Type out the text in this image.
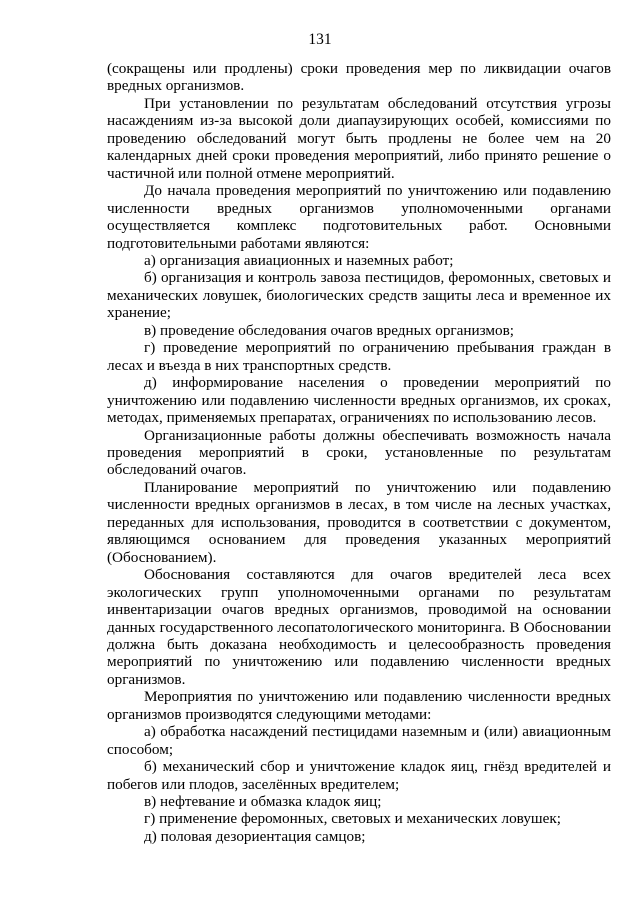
131

(сокращены или продлены) сроки проведения мер по ликвидации очагов вредных организмов.

При установлении по результатам обследований отсутствия угрозы насаждениям из-за высокой доли диапаузирующих особей, комиссиями по проведению обследований могут быть продлены не более чем на 20 календарных дней сроки проведения мероприятий, либо принято решение о частичной или полной отмене мероприятий.

До начала проведения мероприятий по уничтожению или подавлению численности вредных организмов уполномоченными органами осуществляется комплекс подготовительных работ. Основными подготовительными работами являются:

а) организация авиационных и наземных работ;

б) организация и контроль завоза пестицидов, феромонных, световых и механических ловушек, биологических средств защиты леса и временное их хранение;

в) проведение обследования очагов вредных организмов;

г) проведение мероприятий по ограничению пребывания граждан в лесах и въезда в них транспортных средств.

д) информирование населения о проведении мероприятий по уничтожению или подавлению численности вредных организмов, их сроках, методах, применяемых препаратах, ограничениях по использованию лесов.

Организационные работы должны обеспечивать возможность начала проведения мероприятий в сроки, установленные по результатам обследований очагов.

Планирование мероприятий по уничтожению или подавлению численности вредных организмов в лесах, в том числе на лесных участках, переданных для использования, проводится в соответствии с документом, являющимся основанием для проведения указанных мероприятий (Обоснованием).

Обоснования составляются для очагов вредителей леса всех экологических групп уполномоченными органами по результатам инвентаризации очагов вредных организмов, проводимой на основании данных государственного лесопатологического мониторинга. В Обосновании должна быть доказана необходимость и целесообразность проведения мероприятий по уничтожению или подавлению численности вредных организмов.

Мероприятия по уничтожению или подавлению численности вредных организмов производятся следующими методами:

а) обработка насаждений пестицидами наземным и (или) авиационным способом;

б) механический сбор и уничтожение кладок яиц, гнёзд вредителей и побегов или плодов, заселённых вредителем;

в) нефтевание и обмазка кладок яиц;

г) применение феромонных, световых и механических ловушек;

д) половая дезориентация самцов;
